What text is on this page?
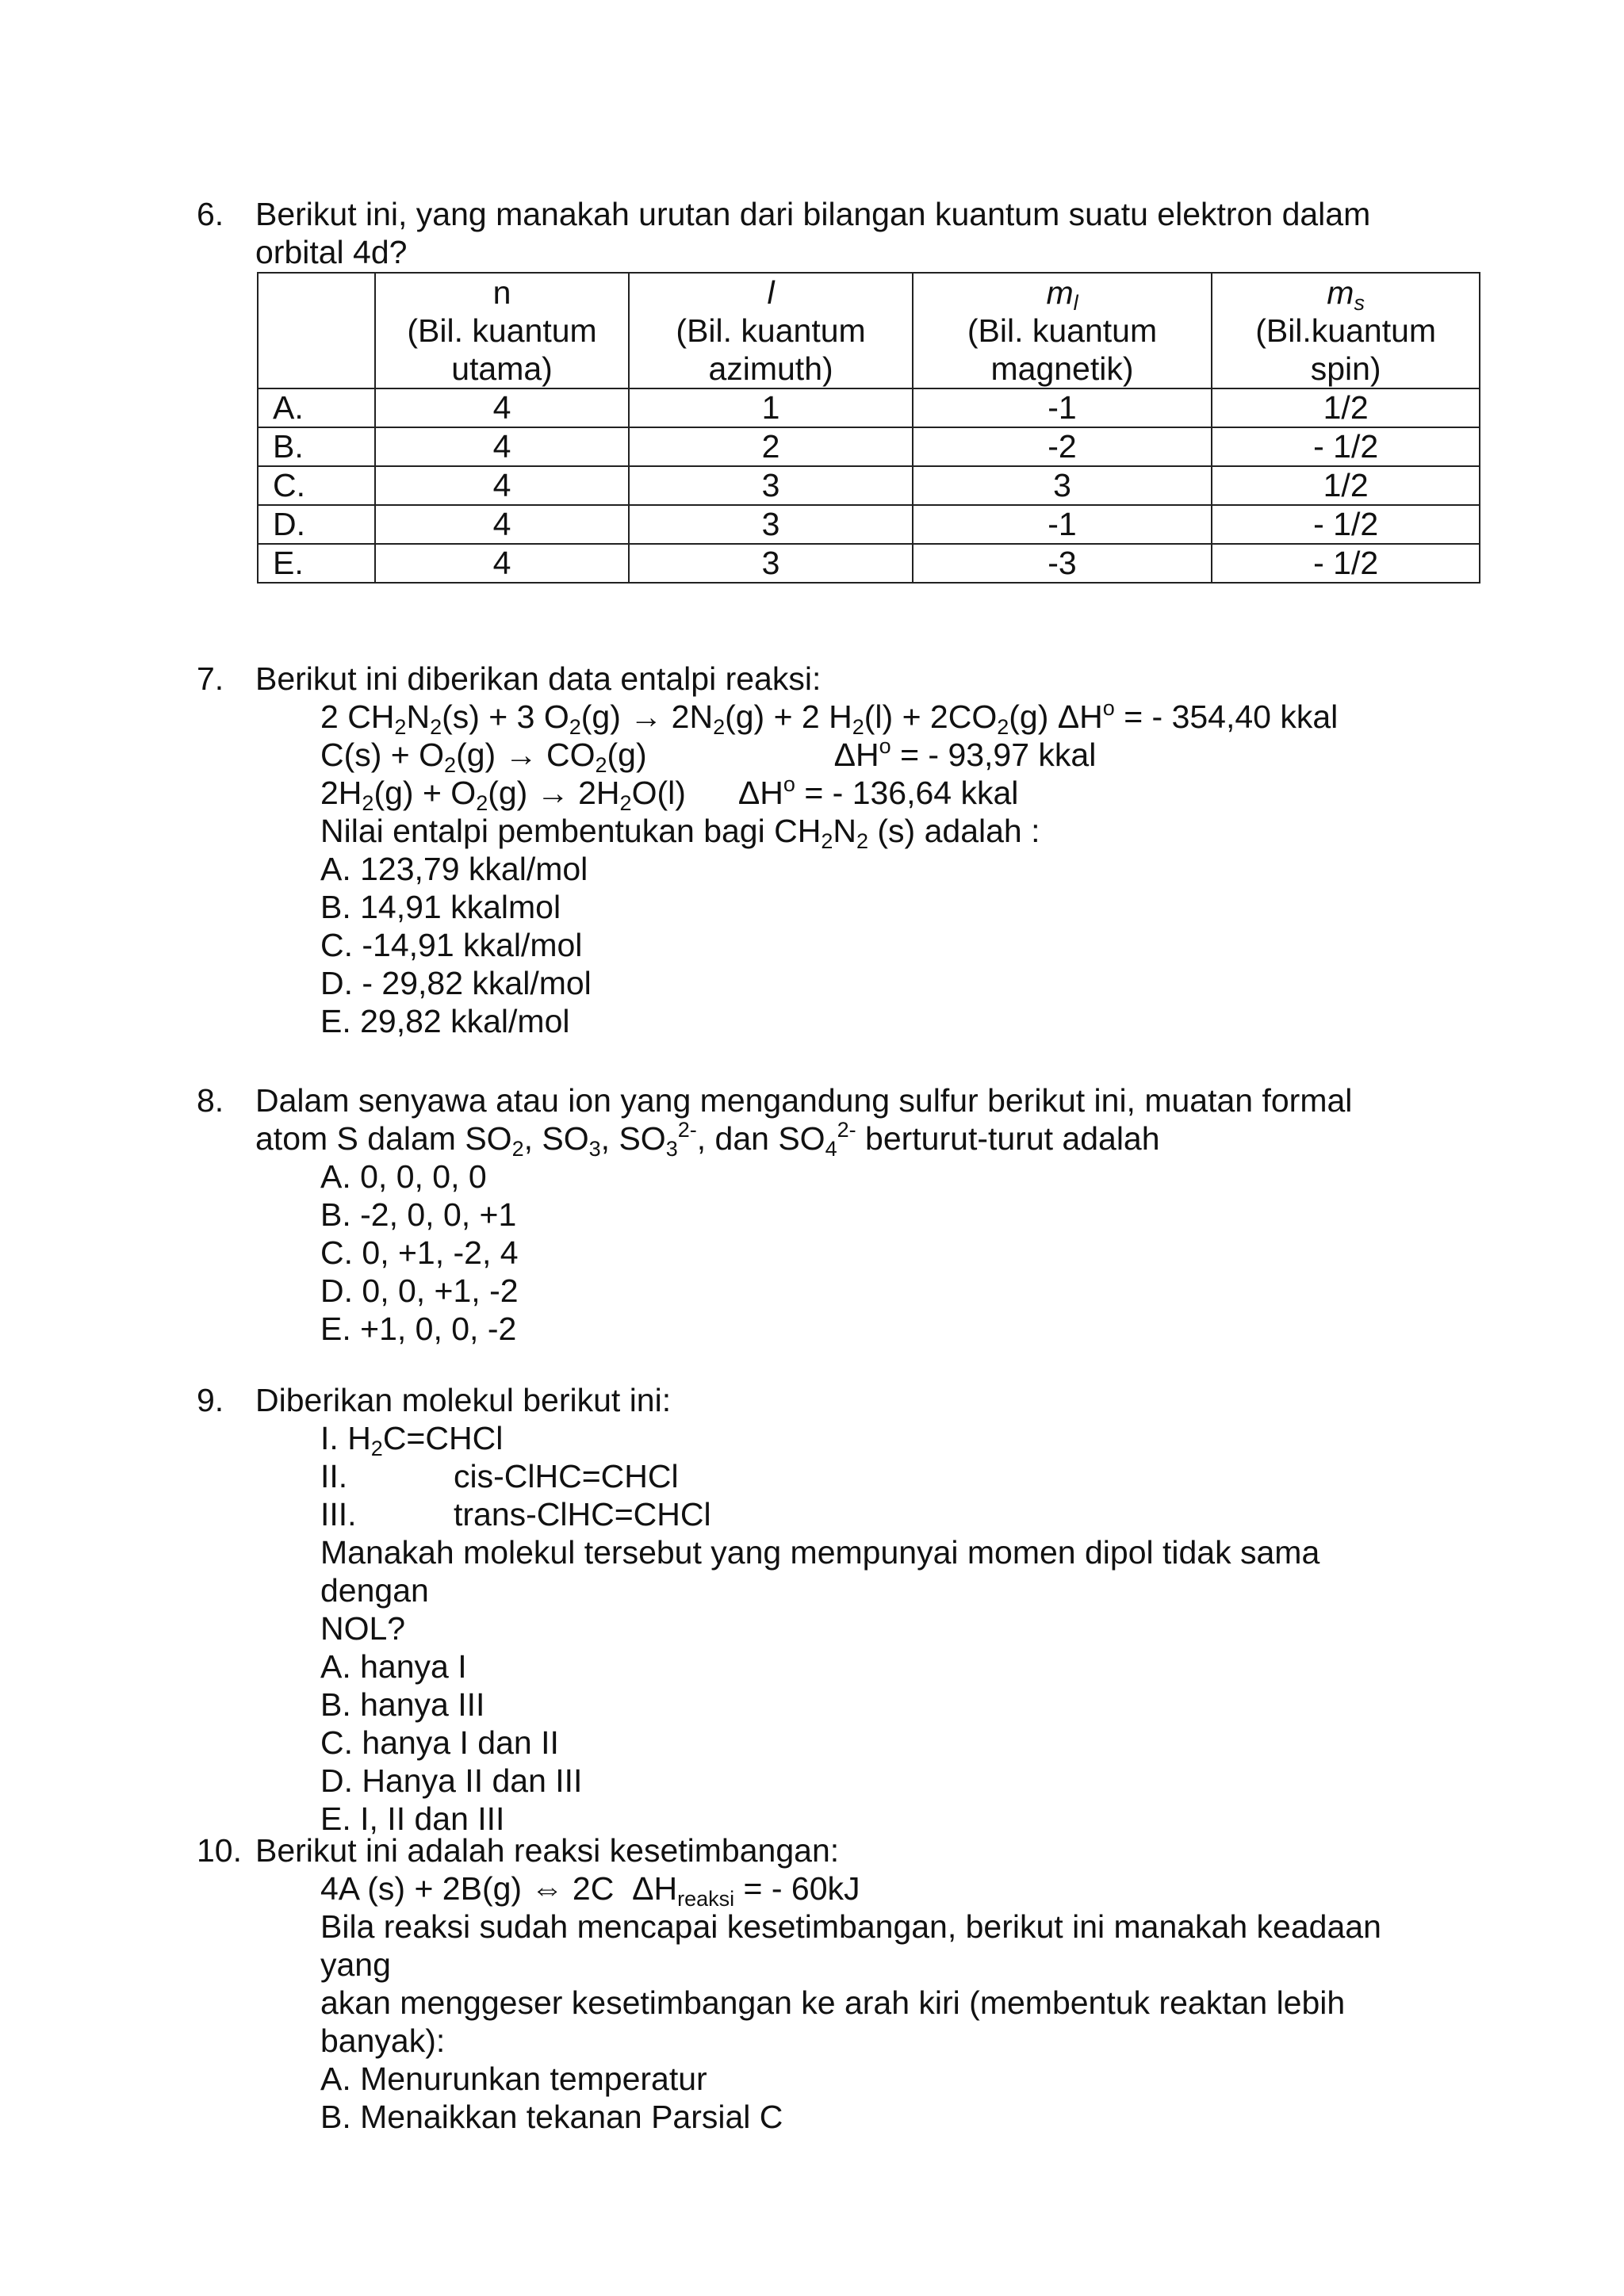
6. Berikut ini, yang manakah urutan dari bilangan kuantum suatu elektron dalam
orbital 4d?
	n
(Bil. kuantum
utama)	l
(Bil. kuantum
azimuth)	$m_l$
(Bil. kuantum
magnetik)	$m_s$
(Bil.kuantum
spin)
A.	4	1	-1	1/2
B.	4	2	-2	- 1/2
C.	4	3	3	1/2
D.	4	3	-1	- 1/2
E.	4	3	-3	- 1/2
7. Berikut ini diberikan data entalpi reaksi:
2 $CH_2N_2(s) + 3$ $O_2(g) \to 2N_2(g) + 2$ $H_2(l) + 2CO_2(g) \Delta H^o$ = - 354,40 kkal
$C(s) + O_2(g) \to CO_2(g)$	$\Delta H^o$ = - 93,97 kkal
$2H_2(g) + O_2(g) \to 2H_2O(l) \Delta H^o$ = - 136,64 kkal
Nilai entalpi pembentukan bagi $CH_2N_2$ (s) adalah :
A. 123,79 kkal/mol
B. 14,91 kkalmol
C. -14,91 kkal/mol
D. - 29,82 kkal/mol
E. 29,82 kkal/mol
8. Dalam senyawa atau ion yang mengandung sulfur berikut ini, muatan formal
atom S dalam $SO_2$, $SO_3$, $SO_3^{2-}$, dan $SO_4^{2-}$ berturut-turut adalah
A. 0, 0, 0, 0
B. -2, 0, 0, +1
C. 0, +1, -2, 4
D. 0, 0, +1, -2
E. +1, 0, 0, -2
9. Diberikan molekul berikut ini:
I. $H_2C=CHCl$
II.	cis-ClHC=CHCl
III.	trans-ClHC=CHCl
Manakah molekul tersebut yang mempunyai momen dipol tidak sama dengan
NOL?
A. hanya I
B. hanya III
C. hanya I dan II
D. Hanya II dan III
E. I, II dan III
10. Berikut ini adalah reaksi kesetimbangan:
4A (s) + 2B(g) ⇔ 2C  $\Delta H_{reaksi}$ = - 60kJ
Bila reaksi sudah mencapai kesetimbangan, berikut ini manakah keadaan yang
akan menggeser kesetimbangan ke arah kiri (membentuk reaktan lebih
banyak):
A. Menurunkan temperatur
B. Menaikkan tekanan Parsial C
